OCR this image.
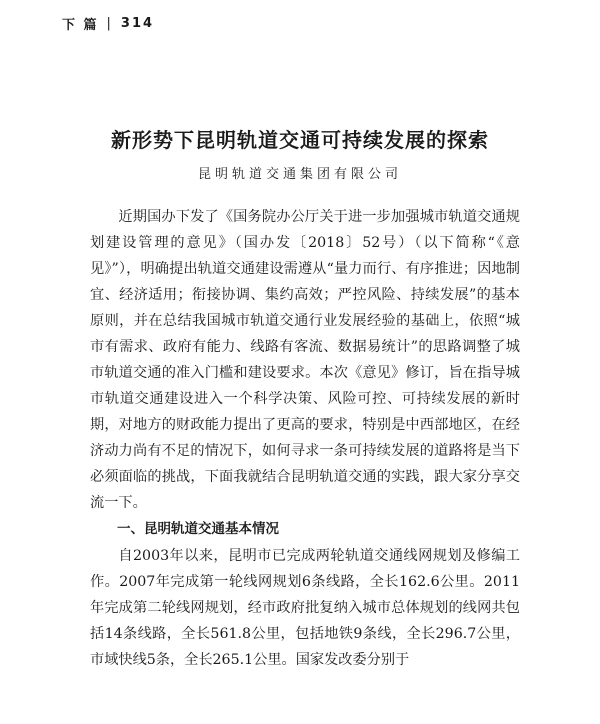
下 篇 | 314
新形势下昆明轨道交通可持续发展的探索
昆明轨道交通集团有限公司

近期国办下发了《国务院办公厅关于进一步加强城市轨道交通规划建设管理的意见》（国办发〔2018〕52号）（以下简称“《意见》”），明确提出轨道交通建设需遵从“量力而行、有序推进；因地制宜、经济适用；衔接协调、集约高效；严控风险、持续发展”的基本原则，并在总结我国城市轨道交通行业发展经验的基础上，依照“城市有需求、政府有能力、线路有客流、数据易统计”的思路调整了城市轨道交通的准入门槛和建设要求。本次《意见》修订，旨在指导城市轨道交通建设进入一个科学决策、风险可控、可持续发展的新时期，对地方的财政能力提出了更高的要求，特别是中西部地区，在经济动力尚有不足的情况下，如何寻求一条可持续发展的道路将是当下必须面临的挑战，下面我就结合昆明轨道交通的实践，跟大家分享交流一下。

一、昆明轨道交通基本情况

自2003年以来，昆明市已完成两轮轨道交通线网规划及修编工作。2007年完成第一轮线网规划6条线路，全长162.6公里。2011年完成第二轮线网规划，经市政府批复纳入城市总体规划的线网共包括14条线路，全长561.8公里，包括地铁9条线，全长296.7公里，市域快线5条，全长265.1公里。国家发改委分别于
